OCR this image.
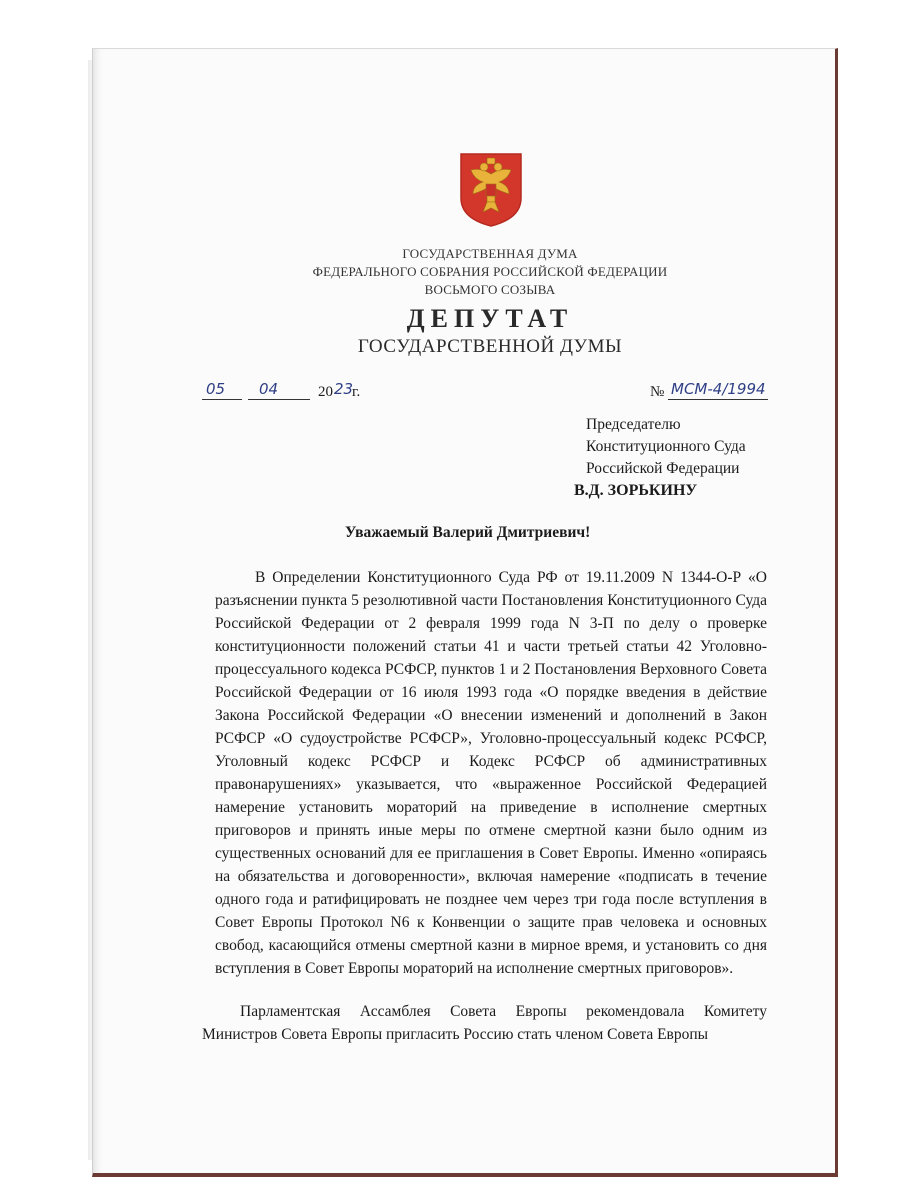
ГОСУДАРСТВЕННАЯ ДУМА
ФЕДЕРАЛЬНОГО СОБРАНИЯ РОССИЙСКОЙ ФЕДЕРАЦИИ
ВОСЬМОГО СОЗЫВА
ДЕПУТАТ
ГОСУДАРСТВЕННОЙ ДУМЫ
05 04	20 23
г.	№ МСМ-4/1994
Председателю
Конституционного Суда
Российской Федерации
В.Д. ЗОРЬКИНУ
Уважаемый Валерий Дмитриевич!

В Определении Конституционного Суда РФ от 19.11.2009 N 1344-О-Р «О разъяснении пункта 5 резолютивной части Постановления Конституционного Суда Российской Федерации от 2 февраля 1999 года N 3-П по делу о проверке конституционности положений статьи 41 и части третьей статьи 42 Уголовно-процессуального кодекса РСФСР, пунктов 1 и 2 Постановления Верховного Совета Российской Федерации от 16 июля 1993 года «О порядке введения в действие Закона Российской Федерации «О внесении изменений и дополнений в Закон РСФСР «О судоустройстве РСФСР», Уголовно-процессуальный кодекс РСФСР, Уголовный кодекс РСФСР и Кодекс РСФСР об административных правонарушениях» указывается, что «выраженное Российской Федерацией намерение установить мораторий на приведение в исполнение смертных приговоров и принять иные меры по отмене смертной казни было одним из существенных оснований для ее приглашения в Совет Европы. Именно «опираясь на обязательства и договоренности», включая намерение «подписать в течение одного года и ратифицировать не позднее чем через три года после вступления в Совет Европы Протокол N6 к Конвенции о защите прав человека и основных свобод, касающийся отмены смертной казни в мирное время, и установить со дня вступления в Совет Европы мораторий на исполнение смертных приговоров».

Парламентская Ассамблея Совета Европы рекомендовала Комитету Министров Совета Европы пригласить Россию стать членом Совета Европы
